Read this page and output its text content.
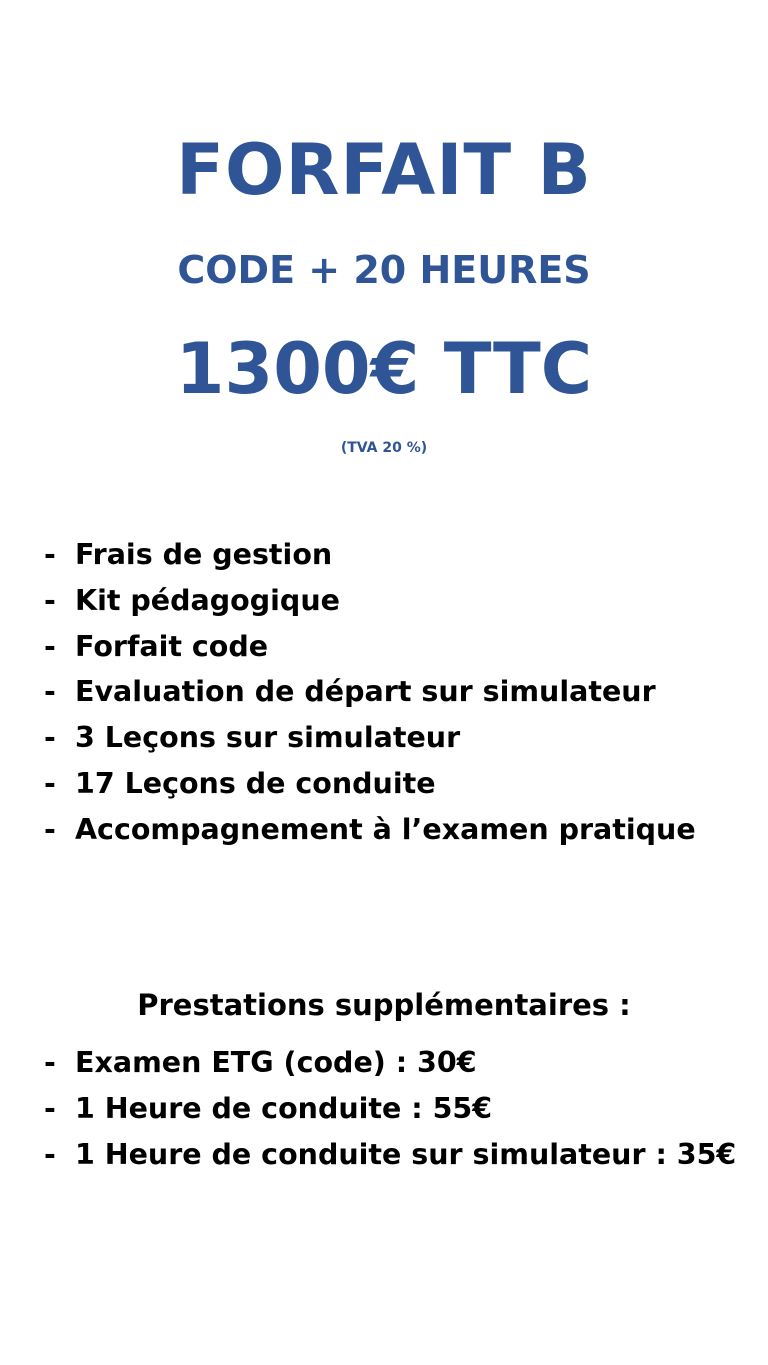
FORFAIT B
CODE + 20 HEURES
1300€ TTC
(TVA 20 %)
- Frais de gestion
- Kit pédagogique
- Forfait code
- Evaluation de départ sur simulateur
- 3 Leçons sur simulateur
- 17 Leçons de conduite
- Accompagnement à l’examen pratique
Prestations supplémentaires :
- Examen ETG (code) : 30€
- 1 Heure de conduite : 55€
- 1 Heure de conduite sur simulateur : 35€
